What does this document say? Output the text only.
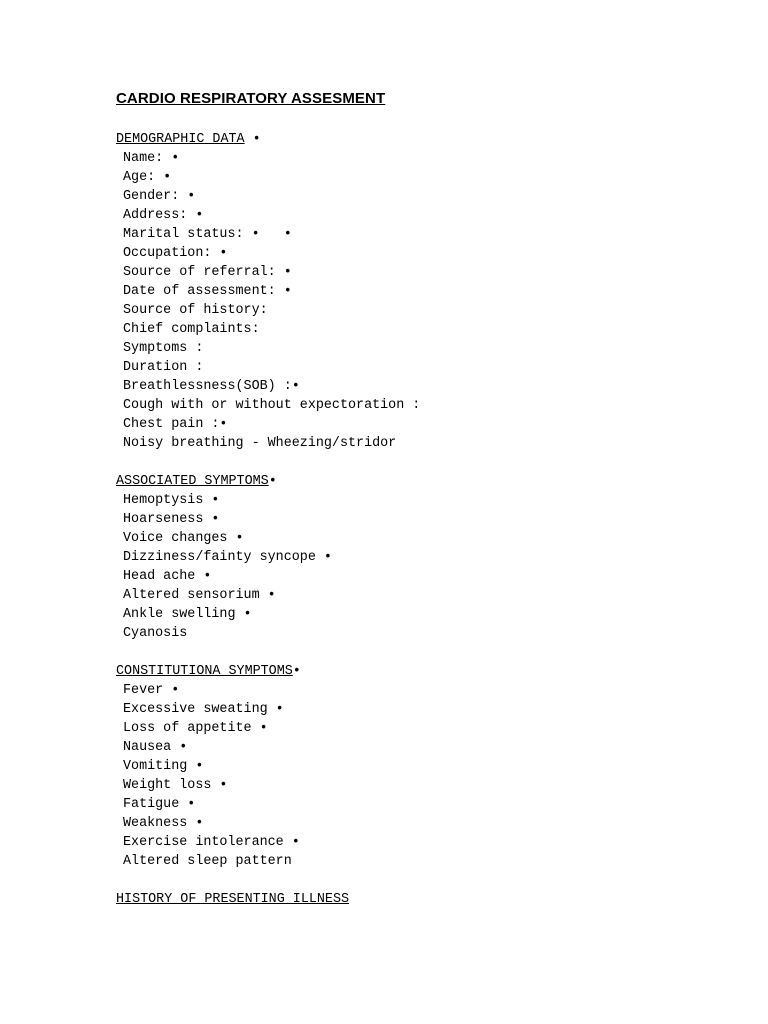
CARDIO RESPIRATORY ASSESMENT
DEMOGRAPHIC DATA •
Name: •
Age: •
Gender: •
Address: •
Marital status: •   •
Occupation: •
Source of referral: •
Date of assessment: •
Source of history:
Chief complaints:
Symptoms :
Duration :
Breathlessness(SOB) :•
Cough with or without expectoration :
Chest pain :•
Noisy breathing - Wheezing/stridor
ASSOCIATED SYMPTOMS•
Hemoptysis •
Hoarseness •
Voice changes •
Dizziness/fainty syncope •
Head ache •
Altered sensorium •
Ankle swelling •
Cyanosis
CONSTITUTIONA SYMPTOMS•
Fever •
Excessive sweating •
Loss of appetite •
Nausea •
Vomiting •
Weight loss •
Fatigue •
Weakness •
Exercise intolerance •
Altered sleep pattern
HISTORY OF PRESENTING ILLNESS
